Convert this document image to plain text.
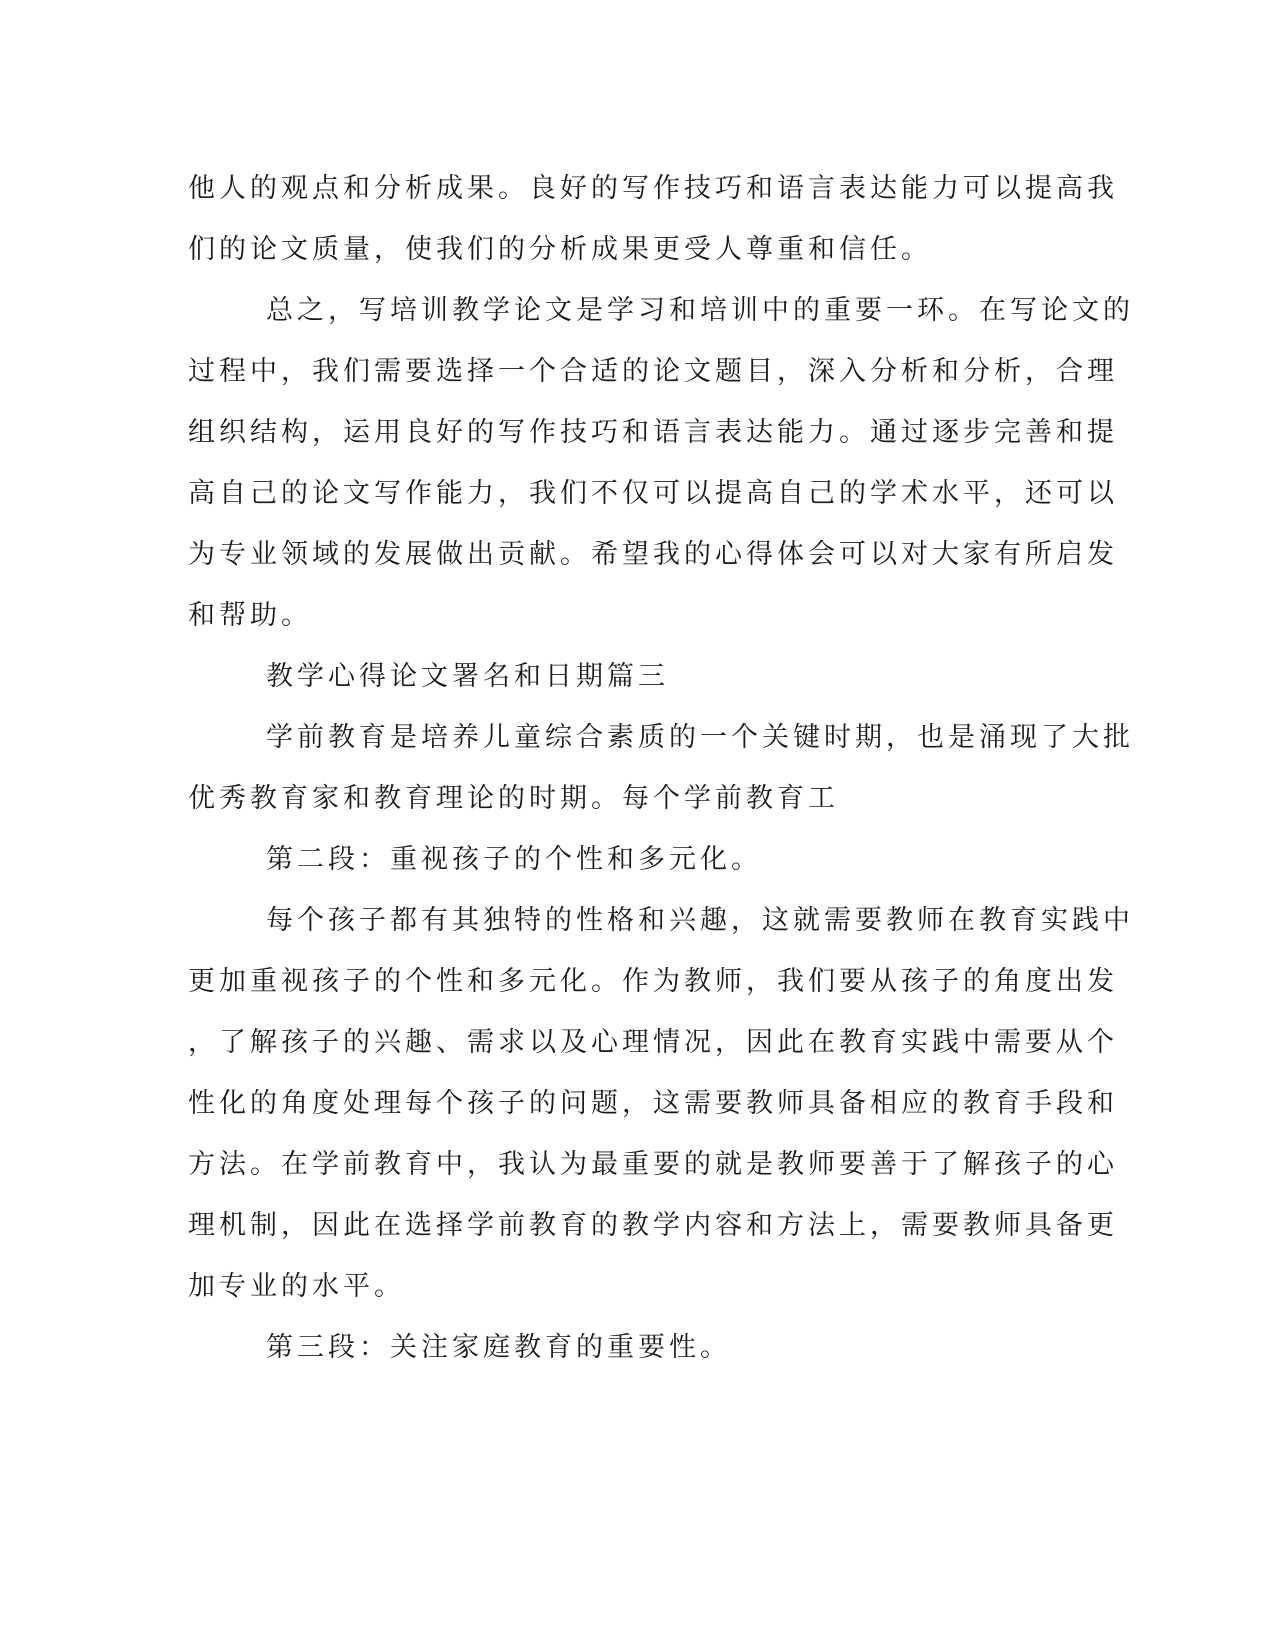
他人的观点和分析成果。良好的写作技巧和语言表达能力可以提高我
们的论文质量，使我们的分析成果更受人尊重和信任。
总之，写培训教学论文是学习和培训中的重要一环。在写论文的
过程中，我们需要选择一个合适的论文题目，深入分析和分析，合理
组织结构，运用良好的写作技巧和语言表达能力。通过逐步完善和提
高自己的论文写作能力，我们不仅可以提高自己的学术水平，还可以
为专业领域的发展做出贡献。希望我的心得体会可以对大家有所启发
和帮助。
教学心得论文署名和日期篇三
学前教育是培养儿童综合素质的一个关键时期，也是涌现了大批
优秀教育家和教育理论的时期。每个学前教育工
第二段：重视孩子的个性和多元化。
每个孩子都有其独特的性格和兴趣，这就需要教师在教育实践中
更加重视孩子的个性和多元化。作为教师，我们要从孩子的角度出发
，了解孩子的兴趣、需求以及心理情况，因此在教育实践中需要从个
性化的角度处理每个孩子的问题，这需要教师具备相应的教育手段和
方法。在学前教育中，我认为最重要的就是教师要善于了解孩子的心
理机制，因此在选择学前教育的教学内容和方法上，需要教师具备更
加专业的水平。
第三段：关注家庭教育的重要性。
